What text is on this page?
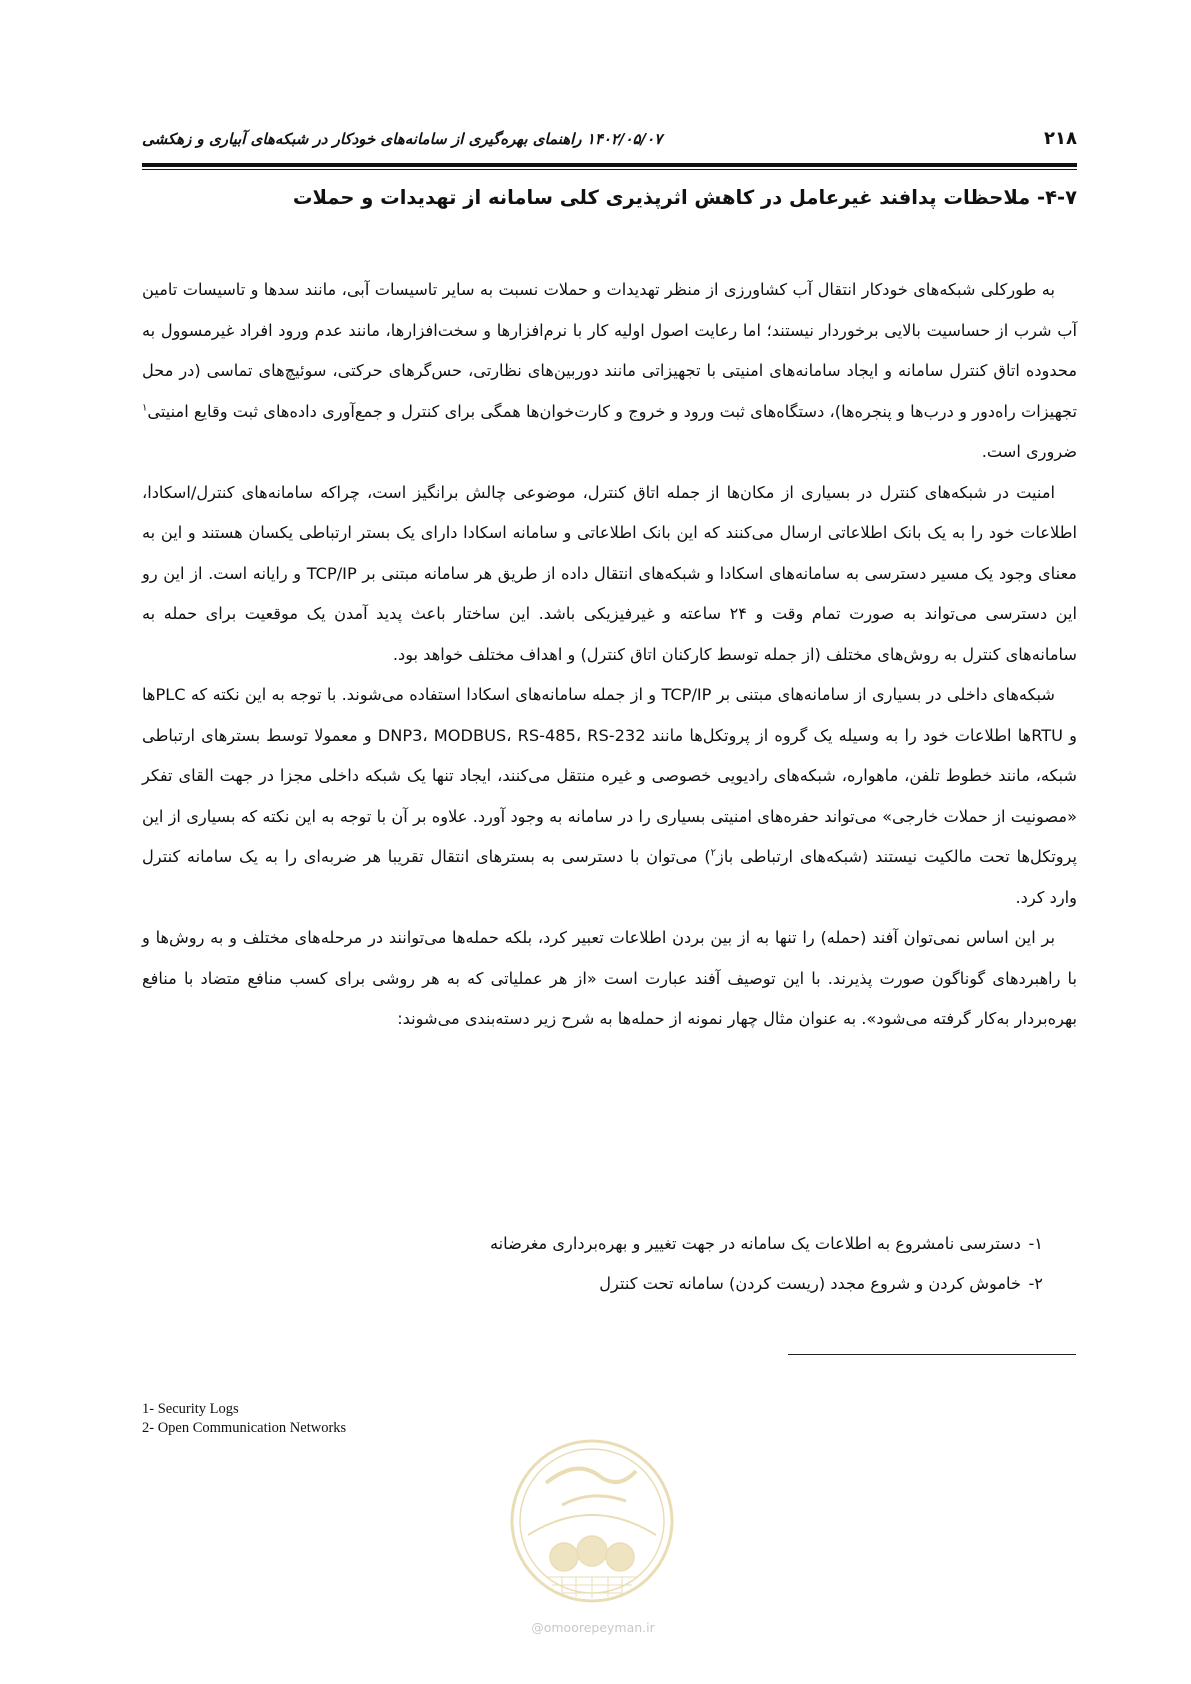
۲۱۸
۱۴۰۲/۰۵/۰۷ راهنمای بهره‌گیری از سامانه‌های خودکار در شبکه‌های آبیاری و زهکشی
۴-۷- ملاحظات پدافند غیرعامل در کاهش اثرپذیری کلی سامانه از تهدیدات و حملات

به طورکلی شبکه‌های خودکار انتقال آب کشاورزی از منظر تهدیدات و حملات نسبت به سایر تاسیسات آبی، مانند سدها و تاسیسات تامین آب شرب از حساسیت بالایی برخوردار نیستند؛ اما رعایت اصول اولیه کار با نرم‌افزارها و سخت‌افزارها، مانند عدم ورود افراد غیرمسوول به محدوده اتاق کنترل سامانه و ایجاد سامانه‌های امنیتی با تجهیزاتی مانند دوربین‌های نظارتی، حس‌گرهای حرکتی، سوئیچ‌های تماسی (در محل تجهیزات راه‌دور و درب‌ها و پنجره‌ها)، دستگاه‌های ثبت ورود و خروج و کارت‌خوان‌ها همگی برای کنترل و جمع‌آوری داده‌های ثبت وقایع امنیتی$^۱$ ضروری است.

امنیت در شبکه‌های کنترل در بسیاری از مکان‌ها از جمله اتاق کنترل، موضوعی چالش برانگیز است، چراکه سامانه‌های کنترل/اسکادا، اطلاعات خود را به یک بانک اطلاعاتی ارسال می‌کنند که این بانک اطلاعاتی و سامانه اسکادا دارای یک بستر ارتباطی یکسان هستند و این به معنای وجود یک مسیر دسترسی به سامانه‌های اسکادا و شبکه‌های انتقال داده از طریق هر سامانه مبتنی بر TCP/IP و رایانه است. از این رو این دسترسی می‌تواند به صورت تمام وقت و ۲۴ ساعته و غیرفیزیکی باشد. این ساختار باعث پدید آمدن یک موقعیت برای حمله به سامانه‌های کنترل به روش‌های مختلف (از جمله توسط کارکنان اتاق کنترل) و اهداف مختلف خواهد بود.

شبکه‌های داخلی در بسیاری از سامانه‌های مبتنی بر TCP/IP و از جمله سامانه‌های اسکادا استفاده می‌شوند. با توجه به این نکته که PLCها و RTUها اطلاعات خود را به وسیله یک گروه از پروتکل‌ها مانند DNP3، MODBUS، RS-485، RS-232 و معمولا توسط بسترهای ارتباطی شبکه، مانند خطوط تلفن، ماهواره، شبکه‌های رادیویی خصوصی و غیره منتقل می‌کنند، ایجاد تنها یک شبکه داخلی مجزا در جهت القای تفکر «مصونیت از حملات خارجی» می‌تواند حفره‌های امنیتی بسیاری را در سامانه به وجود آورد. علاوه بر آن با توجه به این نکته که بسیاری از این پروتکل‌ها تحت مالکیت نیستند (شبکه‌های ارتباطی باز$^۲$) می‌توان با دسترسی به بسترهای انتقال تقریبا هر ضربه‌ای را به یک سامانه کنترل وارد کرد.

بر این اساس نمی‌توان آفند (حمله) را تنها به از بین بردن اطلاعات تعبیر کرد، بلکه حمله‌ها می‌توانند در مرحله‌های مختلف و به روش‌ها و با راهبردهای گوناگون صورت پذیرند. با این توصیف آفند عبارت است «از هر عملیاتی که به هر روشی برای کسب منافع متضاد با منافع بهره‌بردار به‌کار گرفته می‌شود». به عنوان مثال چهار نمونه از حمله‌ها به شرح زیر دسته‌بندی می‌شوند:

۱-
دسترسی نامشروع به اطلاعات یک سامانه در جهت تغییر و بهره‌برداری مغرضانه
۲-
خاموش کردن و شروع مجدد (ریست کردن) سامانه تحت کنترل
1- Security Logs
2- Open Communication Networks
@omoorepeyman.ir
